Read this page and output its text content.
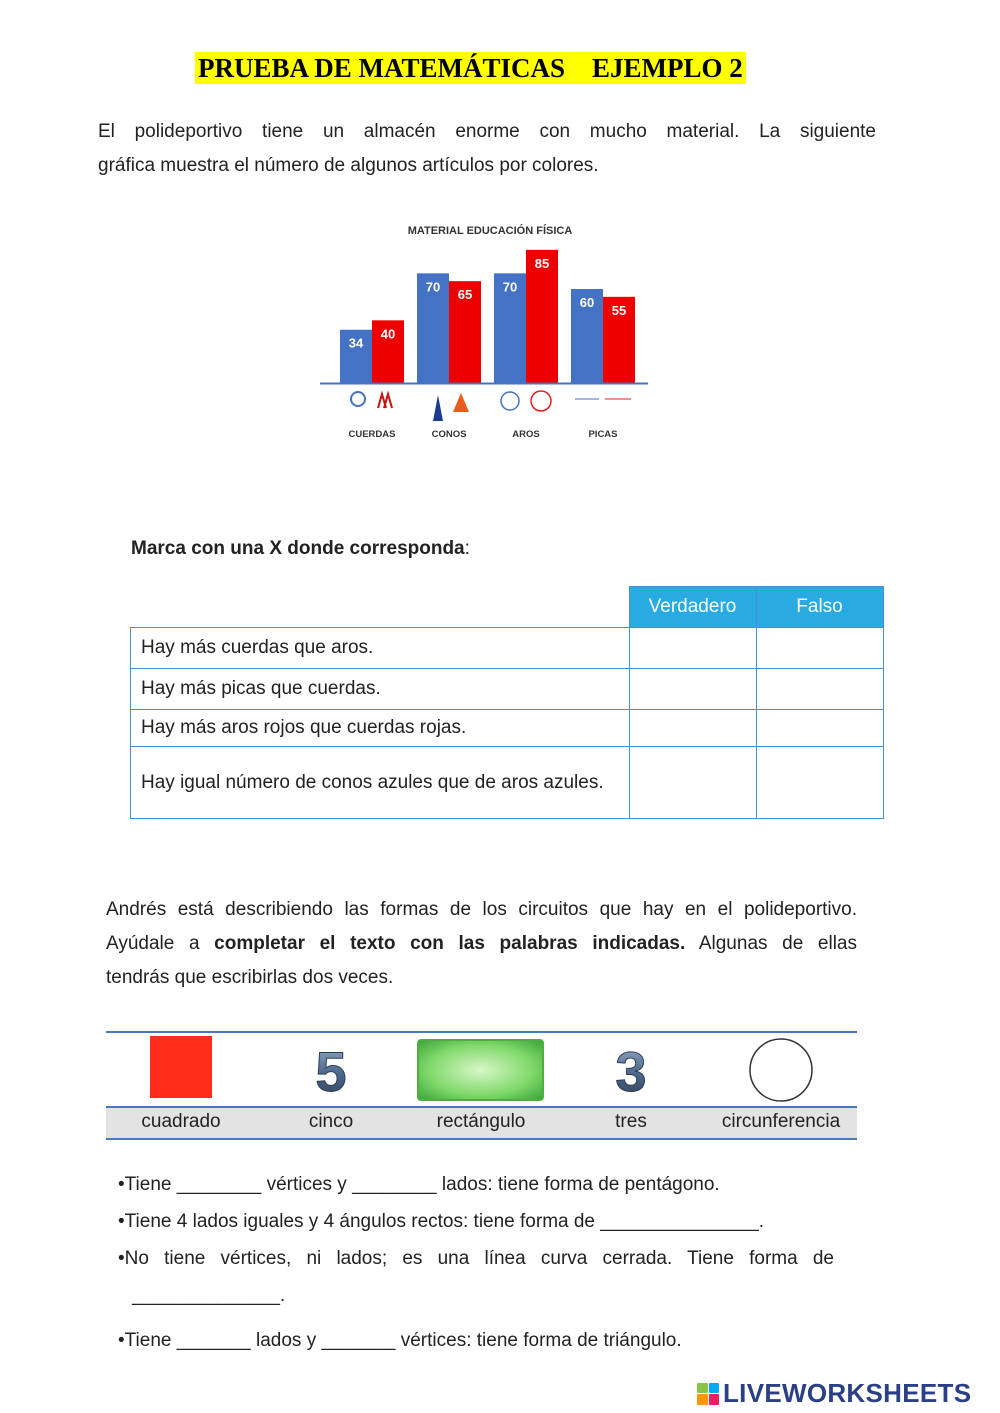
PRUEBA DE MATEMÁTICAS    EJEMPLO 2
El polideportivo tiene un almacén enorme con mucho material. La siguiente
gráfica muestra el número de algunos artículos por colores.
MATERIAL EDUCACIÓN FÍSICA
34
40
CUERDAS
70
65
CONOS
70
85
AROS
60
55
PICAS
Marca con una X donde corresponda:
	Verdadero	Falso
Hay más cuerdas que aros.		
Hay más picas que cuerdas.		
Hay más aros rojos que cuerdas rojas.		
Hay igual número de conos azules que de aros azules.		
Andrés está describiendo las formas de los circuitos que hay en el polideportivo.
Ayúdale a completar el texto con las palabras indicadas. Algunas de ellas
tendrás que escribirlas dos veces.
5	3
cuadrado	cinco	rectángulo	tres	circunferencia
•Tiene ________ vértices y ________ lados: tiene forma de pentágono.
•Tiene 4 lados iguales y 4 ángulos rectos: tiene forma de _______________.
•No tiene vértices, ni lados; es una línea curva cerrada. Tiene forma de
______________.
•Tiene _______ lados y _______ vértices: tiene forma de triángulo.
LIVEWORKSHEETS
